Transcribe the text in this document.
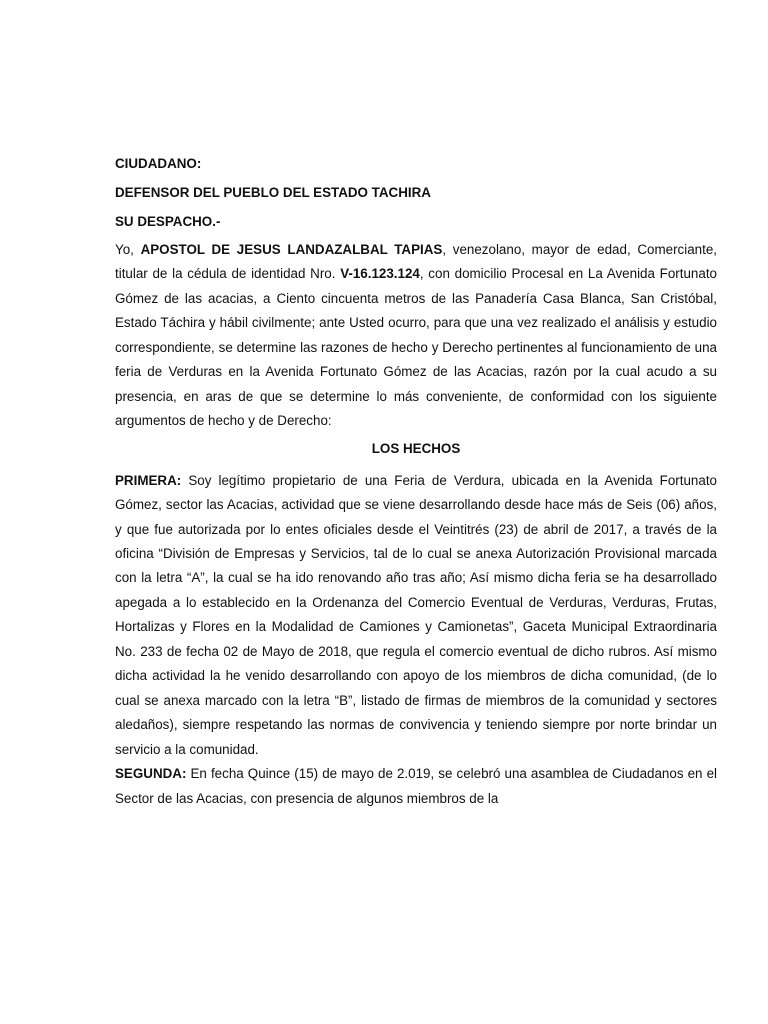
CIUDADANO:
DEFENSOR DEL PUEBLO DEL ESTADO TACHIRA
SU DESPACHO.-

Yo, APOSTOL DE JESUS LANDAZALBAL TAPIAS, venezolano, mayor de edad, Comerciante, titular de la cédula de identidad Nro. V-16.123.124, con domicilio Procesal en La Avenida Fortunato Gómez de las acacias, a Ciento cincuenta metros de las Panadería Casa Blanca, San Cristóbal, Estado Táchira y hábil civilmente; ante Usted ocurro, para que una vez realizado el análisis y estudio correspondiente, se determine las razones de hecho y Derecho pertinentes al funcionamiento de una feria de Verduras en la Avenida Fortunato Gómez de las Acacias, razón por la cual acudo a su presencia, en aras de que se determine lo más conveniente, de conformidad con los siguiente argumentos de hecho y de Derecho:

LOS HECHOS

PRIMERA: Soy legítimo propietario de una Feria de Verdura, ubicada en la Avenida Fortunato Gómez, sector las Acacias, actividad que se viene desarrollando desde hace más de Seis (06) años, y que fue autorizada por lo entes oficiales desde el Veintitrés (23) de abril de 2017, a través de la oficina “División de Empresas y Servicios, tal de lo cual se anexa Autorización Provisional marcada con la letra “A”, la cual se ha ido renovando año tras año; Así mismo dicha feria se ha desarrollado apegada a lo establecido en la Ordenanza del Comercio Eventual de Verduras, Verduras, Frutas, Hortalizas y Flores en la Modalidad de Camiones y Camionetas”, Gaceta Municipal Extraordinaria No. 233 de fecha 02 de Mayo de 2018, que regula el comercio eventual de dicho rubros. Así mismo dicha actividad la he venido desarrollando con apoyo de los miembros de dicha comunidad, (de lo cual se anexa marcado con la letra “B”, listado de firmas de miembros de la comunidad y sectores aledaños), siempre respetando las normas de convivencia y teniendo siempre por norte brindar un servicio a la comunidad.

SEGUNDA: En fecha Quince (15) de mayo de 2.019, se celebró una asamblea de Ciudadanos en el Sector de las Acacias, con presencia de algunos miembros de la
